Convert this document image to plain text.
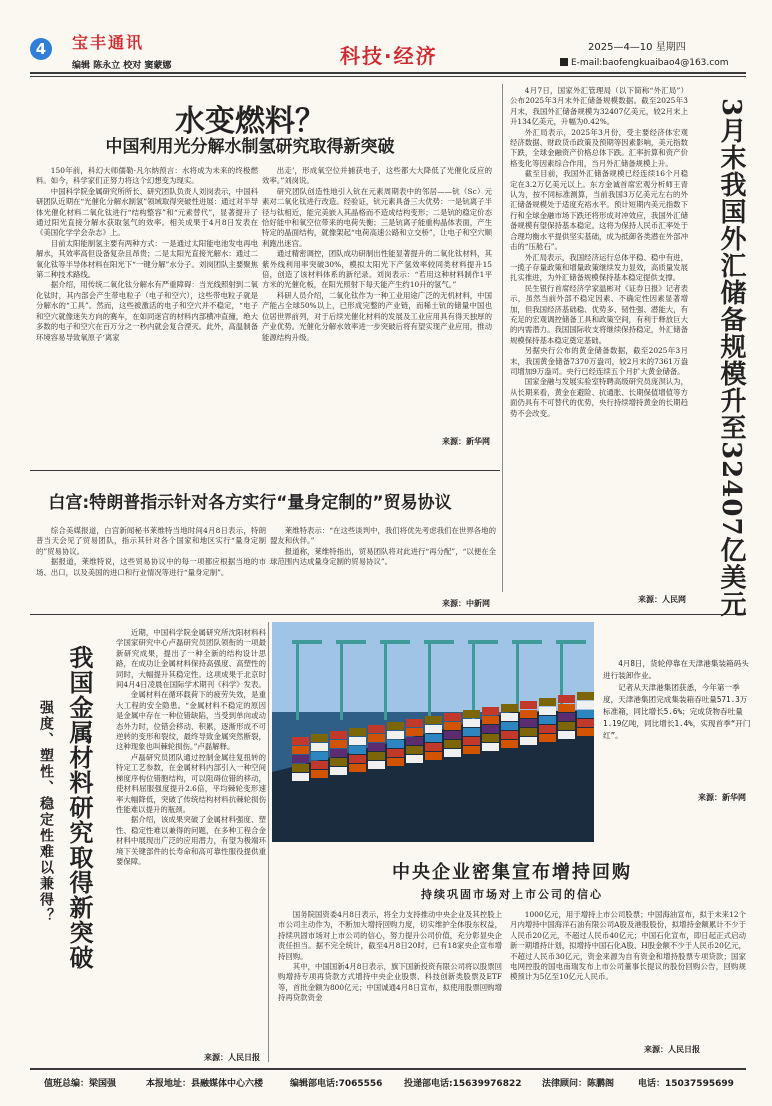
4	宝丰通讯
编辑 陈永立 校对 窦蒙娜	科技·经济	2025—4—10 星期四
E-mail:baofengkuaibao4@163.com
水变燃料？
中国利用光分解水制氢研究取得新突破

150年前，科幻大师儒勒·凡尔纳预言：水将成为未来的终极燃料。如今，科学家们正努力将这个幻想变为现实。

中国科学院金属研究所所长、研究团队负责人刘岗表示，中国科研团队近期在“光催化分解水制氢”领域取得突破性进展：通过对半导体光催化材料二氧化钛进行“结构整容”和“元素替代”，显著提升了通过阳光直接分解水获取氢气的效率。相关成果于4月8日发表在《美国化学学会杂志》上。

目前太阳能制氢主要有两种方式：一是通过太阳能电池发电再电解水，其效率高但设备复杂且昂贵；二是太阳光直接光解水：通过二氧化钛等半导体材料在阳光下“一键分解”水分子。刘岗团队主要聚焦第二种技术路线。

据介绍，用传统二氧化钛分解水有严重障碍：当光线照射到二氧化钛时，其内部会产生带电粒子（电子和空穴），这些带电粒子就是分解水的“工具”。然而，这些被激活的电子和空穴并不稳定，“电子和空穴就像迷失方向的赛车，在如同迷宫的材料内部横冲直撞，绝大多数的电子和空穴在百万分之一秒内就会复合湮灭。此外，高温制备环境容易导致氧原子‘离家

出走’，形成氧空位并捕获电子，这些都大大降低了光催化反应的效率。”刘岗说。

研究团队创造性地引入钪在元素周期表中的邻居——钪（Sc）元素对二氧化钛进行改造。经验证，钪元素具备三大优势：一是钪离子半径与钛相近，能完美嵌入其晶格而不造成结构变形；二是钪的稳定价态恰好能中和氧空位带来的电荷失衡；三是钪离子能重构晶体表面，产生特定的晶面结构，就像架起“电荷高速公路和立交桥”，让电子和空穴顺利跑出迷宫。

通过精密调控，团队成功研制出性能显著提升的二氧化钛材料，其紫外线利用率突破30%，模拟太阳光下产氢效率较同类材料提升15倍，创造了该材料体系的新纪录。刘岗表示：“若用这种材料制作1平方米的光催化板，在阳光照射下每天能产生约10升的氢气。”

科研人员介绍，二氧化钛作为一种工业用途广泛的无机材料，中国产能占全球50%以上，已形成完整的产业链，而稀土钪的储量中国也位居世界前列，对于后续光催化材料的发展及工业应用具有得天独厚的产业优势。光催化分解水效率进一步突破后将有望实现产业应用，推动能源结构升级。

来源：新华网
白宫:特朗普指示针对各方实行“量身定制的”贸易协议

综合美媒报道，白宫新闻秘书莱维特当地时间4月8日表示，特朗普当天会见了贸易团队，指示其针对各个国家和地区实行“量身定制的”贸易协议。

据报道，莱维特说，这些贸易协议中的每一项都应根据当地的市场、出口，以及美国的进口和行业情况等进行“量身定制”。

莱维特表示：“在这些谈判中，我们将优先考虑我们在世界各地的盟友和伙伴。”

报道称，莱维特指出，贸易团队将对此进行“再分配”，“以便在全球范围内达成量身定制的贸易协议”。

来源：中新网

4月7日，国家外汇管理局（以下简称“外汇局”）公布2025年3月末外汇储备规模数据。截至2025年3月末，我国外汇储备规模为32407亿美元，较2月末上升134亿美元，升幅为0.42%。

外汇局表示，2025年3月份，受主要经济体宏观经济数据、财政货币政策及预期等因素影响，美元指数下跌，全球金融资产价格总体下跌。汇率折算和资产价格变化等因素综合作用，当月外汇储备规模上升。

截至目前，我国外汇储备规模已经连续16个月稳定在3.2万亿美元以上。东方金诚首席宏观分析师王青认为，按不同标准测算，当前我国3万亿美元左右的外汇储备规模处于适度充裕水平。预计短期内美元指数下行和全球金融市场下跌还将形成对冲效应，我国外汇储备规模有望保持基本稳定。这将为保持人民币汇率处于合理均衡水平提供坚实基础，成为抵御各类潜在外部冲击的“压舱石”。

外汇局表示，我国经济运行总体平稳、稳中有进，一揽子存量政策和增量政策继续发力显效，高质量发展扎实推进，为外汇储备规模保持基本稳定提供支撑。

民生银行首席经济学家温彬对《证券日报》记者表示，虽然当前外部不稳定因素、不确定性因素显著增加，但我国经济基础稳、优势多、韧性强、潜能大，有充足的宏观调控储备工具和政策空间，有利于释放巨大的内需潜力。我国国际收支将继续保持稳定，外汇储备规模保持基本稳定奠定基础。

另据央行公布的黄金储备数据，截至2025年3月末，我国黄金储备7370万盎司，较2月末的7361万盎司增加9万盎司。央行已经连续五个月扩大黄金储备。

国家金融与发展实验室特聘高级研究员庞溟认为，从长期来看，黄金在避险、抗通胀、长期保值增值等方面仍具有不可替代的优势，央行持续增持黄金的长期趋势不会改变。	3月末我国外汇储备规模升至32407亿美元
来源：人民网
我国金属材料研究取得新突破
强度、塑性、稳定性难以兼得？

近期，中国科学院金属研究所沈阳材料科学国家研究中心卢磊研究员团队领衔的一项最新研究成果，提出了一种全新的结构设计思路，在成功让金属材料保持高强度、高塑性的同时，大幅提升其稳定性。这项成果于北京时间4月4日凌晨在国际学术期刊《科学》发表。

金属材料在循环载荷下的疲劳失效，是重大工程的安全隐患。“金属材料不稳定的原因是金属中存在一种位错缺陷，当受到单向或动态外力时，位错会移动、积累，逐渐形成不可逆转的变形和裂纹，最终导致金属突然断裂，这种现象也叫棘轮损伤。”卢磊解释。

卢磊研究员团队通过控制金属往复扭转的特定工艺参数，在金属材料内部引入一种空间梯度序构位错胞结构，可以阻碍位错的移动，使材料屈服强度提升2.6倍，平均棘轮变形速率大幅降低，突破了传统结构材料抗棘轮损伤性能难以提升的瓶颈。

据介绍，该成果突破了金属材料强度、塑性、稳定性难以兼得的问题，在多种工程合金材料中展现出广泛的应用潜力，有望为极端环境下关键部件的长寿命和高可靠性服役提供重要保障。

来源：人民日报

4月8日，货轮停靠在天津港集装箱码头进行装卸作业。

记者从天津港集团获悉，今年第一季度，天津港集团完成集装箱吞吐量571.3万标准箱，同比增长5.6%；完成货物吞吐量1.19亿吨，同比增长1.4%，实现首季“开门红”。

来源：新华网
中央企业密集宣布增持回购
持续巩固市场对上市公司的信心

国务院国资委4月8日表示，将全力支持推动中央企业及其控股上市公司主动作为，不断加大增持回购力度，切实维护全体股东权益，持续巩固市场对上市公司的信心，努力提升公司价值，充分彰显央企责任担当。据不完全统计，截至4月8日20时，已有18家央企宣布增持回购。

其中，中国国新4月8日表示，旗下国新投资有限公司将以股票回购增持专项再贷款方式增持中央企业股票、科技创新类股票及ETF等，首批金额为800亿元；中国诚通4月8日宣布，拟使用股票回购增持再贷款资金

1000亿元，用于增持上市公司股票；中国海油宣布，拟于未来12个月内增持中国海洋石油有限公司A股及港股股份，拟增持金额累计不少于人民币20亿元，不超过人民币40亿元；中国石化宣布，即日起正式启动新一期增持计划，拟增持中国石化A股、H股金额不少于人民币20亿元，不超过人民币30亿元，资金来源为自有资金和增持股票专项贷款；国家电网控股的国电南瑞发布上市公司董事长提议的股份回购公告，回购规模预计为5亿至10亿元人民币。

来源：人民日报
值班总编：梁国强	本报地址：县融媒体中心六楼	编辑部电话:7065556 投递部电话:15639976822 法律顾问：陈鹏阁	电话：15037595699
